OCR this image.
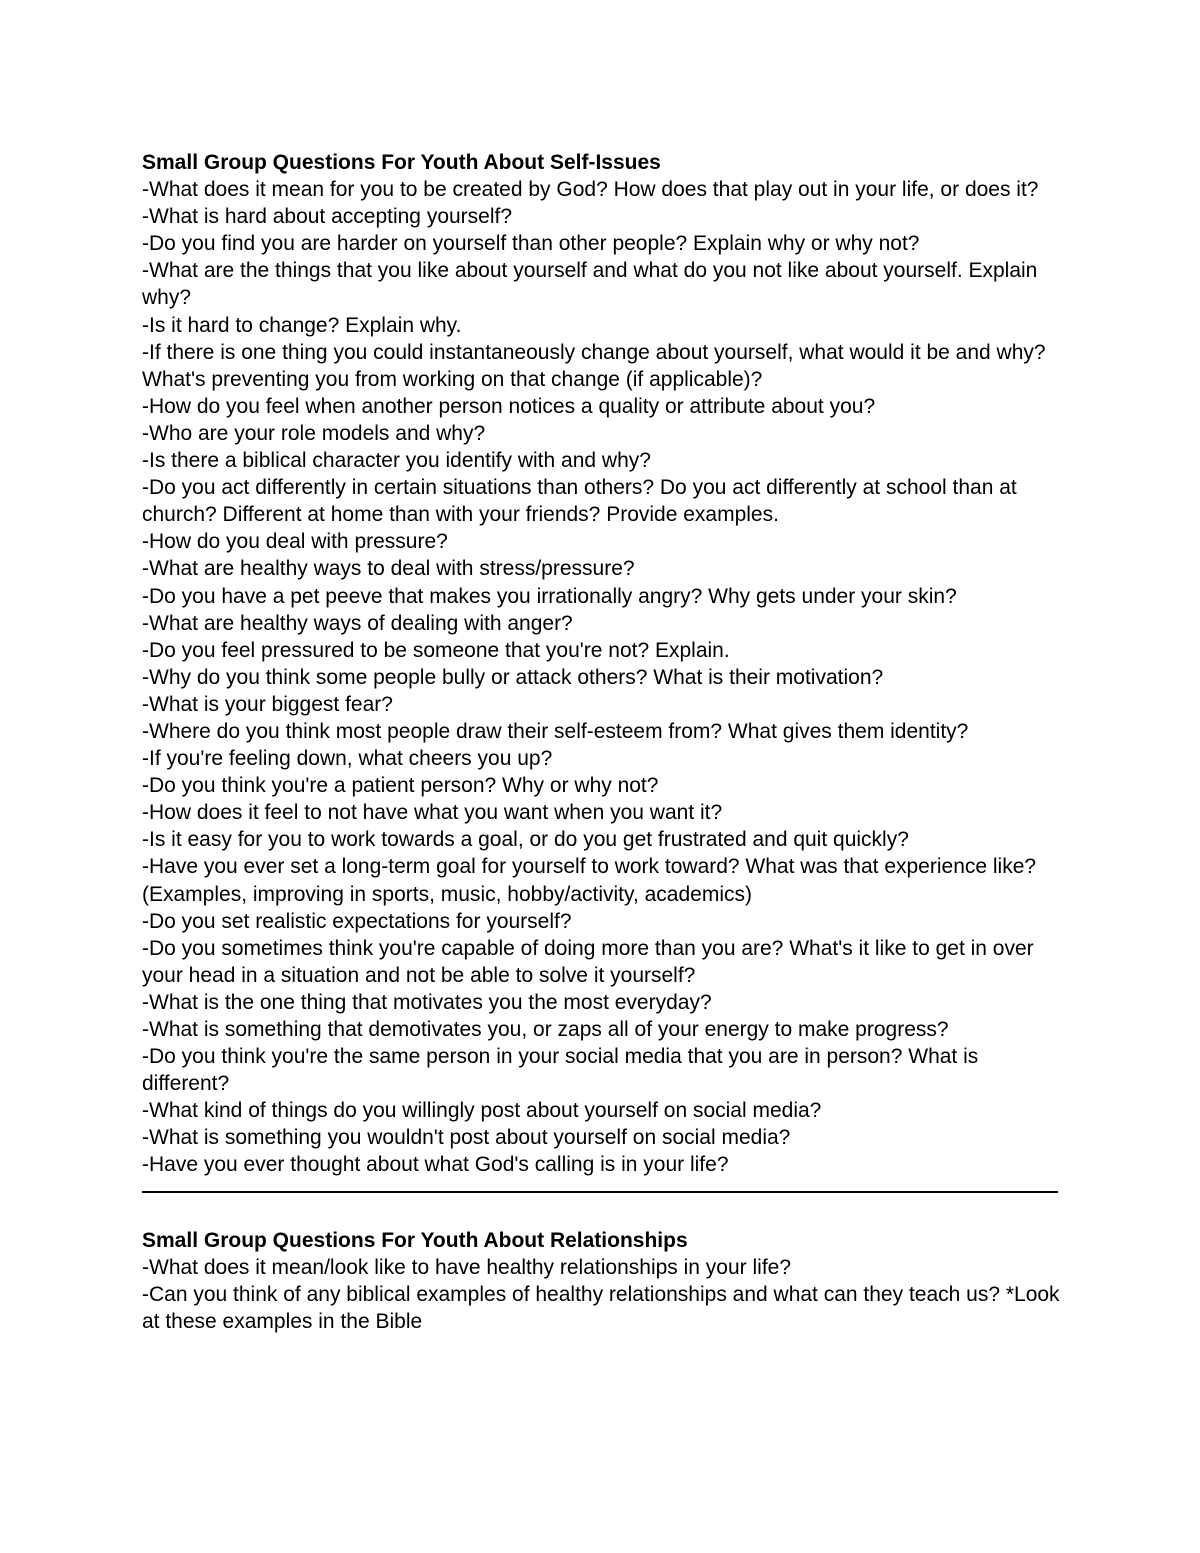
Small Group Questions For Youth About Self-Issues
-What does it mean for you to be created by God? How does that play out in your life, or does it?
-What is hard about accepting yourself?
-Do you find you are harder on yourself than other people? Explain why or why not?
-What are the things that you like about yourself and what do you not like about yourself. Explain why?
-Is it hard to change? Explain why.
-If there is one thing you could instantaneously change about yourself, what would it be and why? What's preventing you from working on that change (if applicable)?
-How do you feel when another person notices a quality or attribute about you?
-Who are your role models and why?
-Is there a biblical character you identify with and why?
-Do you act differently in certain situations than others? Do you act differently at school than at church? Different at home than with your friends? Provide examples.
-How do you deal with pressure?
-What are healthy ways to deal with stress/pressure?
-Do you have a pet peeve that makes you irrationally angry? Why gets under your skin?
-What are healthy ways of dealing with anger?
-Do you feel pressured to be someone that you're not? Explain.
-Why do you think some people bully or attack others? What is their motivation?
-What is your biggest fear?
-Where do you think most people draw their self-esteem from? What gives them identity?
-If you're feeling down, what cheers you up?
-Do you think you're a patient person? Why or why not?
-How does it feel to not have what you want when you want it?
-Is it easy for you to work towards a goal, or do you get frustrated and quit quickly?
-Have you ever set a long-term goal for yourself to work toward? What was that experience like? (Examples, improving in sports, music, hobby/activity, academics)
-Do you set realistic expectations for yourself?
-Do you sometimes think you're capable of doing more than you are? What's it like to get in over your head in a situation and not be able to solve it yourself?
-What is the one thing that motivates you the most everyday?
-What is something that demotivates you, or zaps all of your energy to make progress?
-Do you think you're the same person in your social media that you are in person? What is different?
-What kind of things do you willingly post about yourself on social media?
-What is something you wouldn't post about yourself on social media?
-Have you ever thought about what God's calling is in your life?
Small Group Questions For Youth About Relationships
-What does it mean/look like to have healthy relationships in your life?
-Can you think of any biblical examples of healthy relationships and what can they teach us? *Look at these examples in the Bible
